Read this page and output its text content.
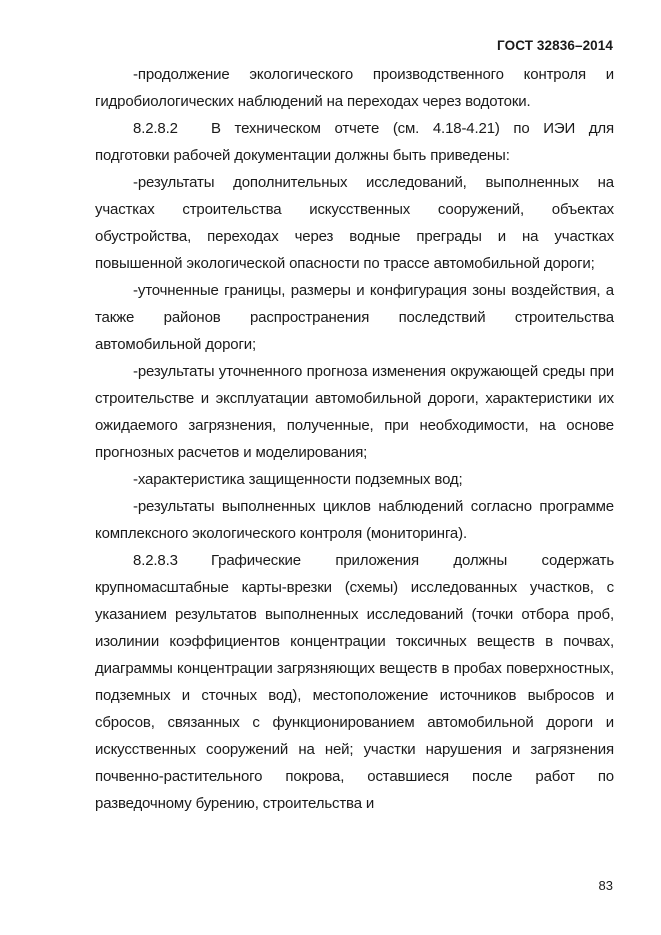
ГОСТ 32836–2014

-продолжение экологического производственного контроля и гидробиологических наблюдений на переходах через водотоки.

8.2.8.2 В техническом отчете (см. 4.18-4.21) по ИЭИ для подготовки рабочей документации должны быть приведены:

-результаты дополнительных исследований, выполненных на участках строительства искусственных сооружений, объектах обустройства, переходах через водные преграды и на участках повышенной экологической опасности по трассе автомобильной дороги;

-уточненные границы, размеры и конфигурация зоны воздействия, а также районов распространения последствий строительства автомобильной дороги;

-результаты уточненного прогноза изменения окружающей среды при строительстве и эксплуатации автомобильной дороги, характеристики их ожидаемого загрязнения, полученные, при необходимости, на основе прогнозных расчетов и моделирования;

-характеристика защищенности подземных вод;

-результаты выполненных циклов наблюдений согласно программе комплексного экологического контроля (мониторинга).

8.2.8.3 Графические приложения должны содержать крупномасштабные карты-врезки (схемы) исследованных участков, с указанием результатов выполненных исследований (точки отбора проб, изолинии коэффициентов концентрации токсичных веществ в почвах, диаграммы концентрации загрязняющих веществ в пробах поверхностных, подземных и сточных вод), местоположение источников выбросов и сбросов, связанных с функционированием автомобильной дороги и искусственных сооружений на ней; участки нарушения и загрязнения почвенно-растительного покрова, оставшиеся после работ по разведочному бурению, строительства и

83
